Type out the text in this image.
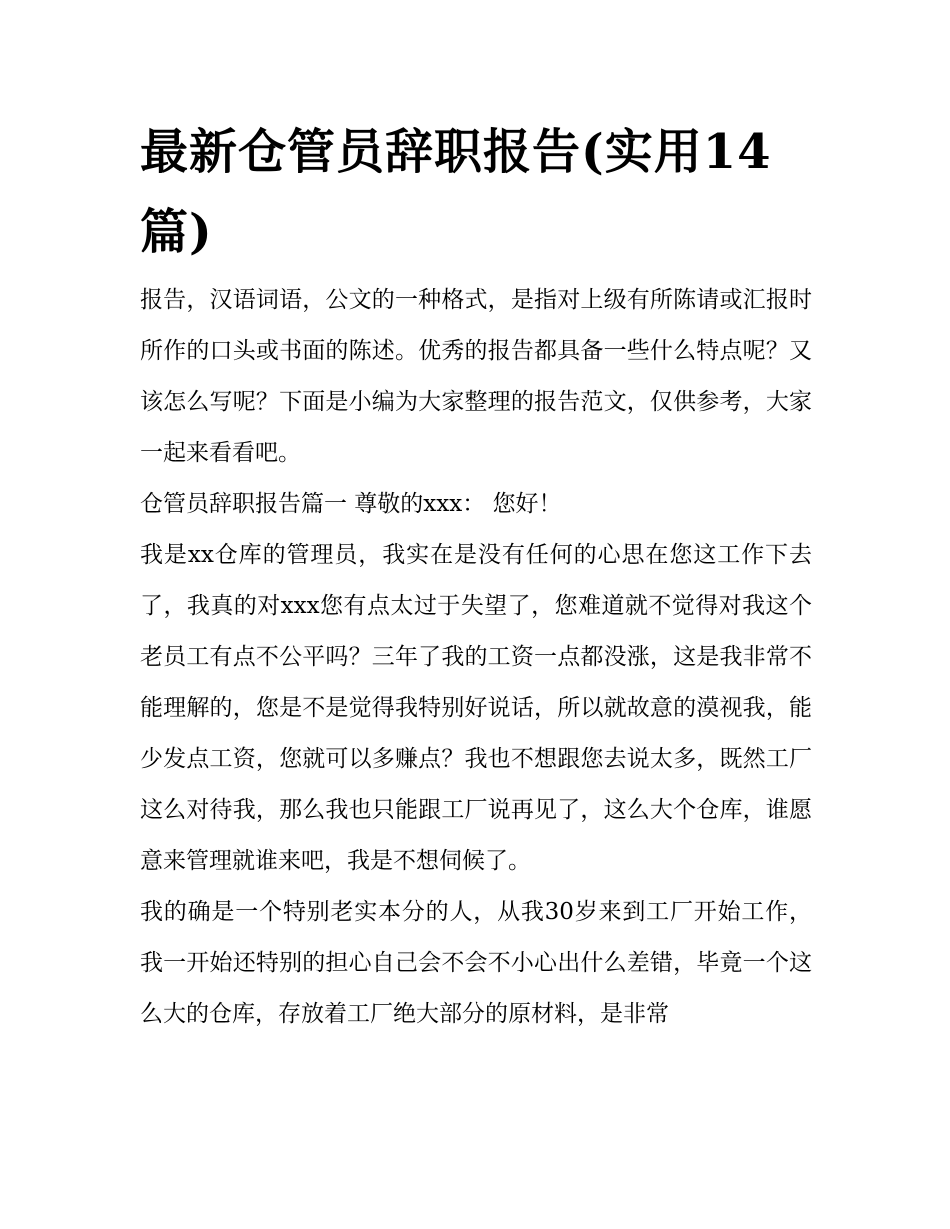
最新仓管员辞职报告(实用14篇)

报告，汉语词语，公文的一种格式，是指对上级有所陈请或汇报时所作的口头或书面的陈述。优秀的报告都具备一些什么特点呢？又该怎么写呢？下面是小编为大家整理的报告范文，仅供参考，大家一起来看看吧。

仓管员辞职报告篇一 尊敬的xxx： 您好！

我是xx仓库的管理员，我实在是没有任何的心思在您这工作下去了，我真的对xxx您有点太过于失望了，您难道就不觉得对我这个老员工有点不公平吗？三年了我的工资一点都没涨，这是我非常不能理解的，您是不是觉得我特别好说话，所以就故意的漠视我，能少发点工资，您就可以多赚点？我也不想跟您去说太多，既然工厂这么对待我，那么我也只能跟工厂说再见了，这么大个仓库，谁愿意来管理就谁来吧，我是不想伺候了。

我的确是一个特别老实本分的人，从我30岁来到工厂开始工作，我一开始还特别的担心自己会不会不小心出什么差错，毕竟一个这么大的仓库，存放着工厂绝大部分的原材料，是非常
